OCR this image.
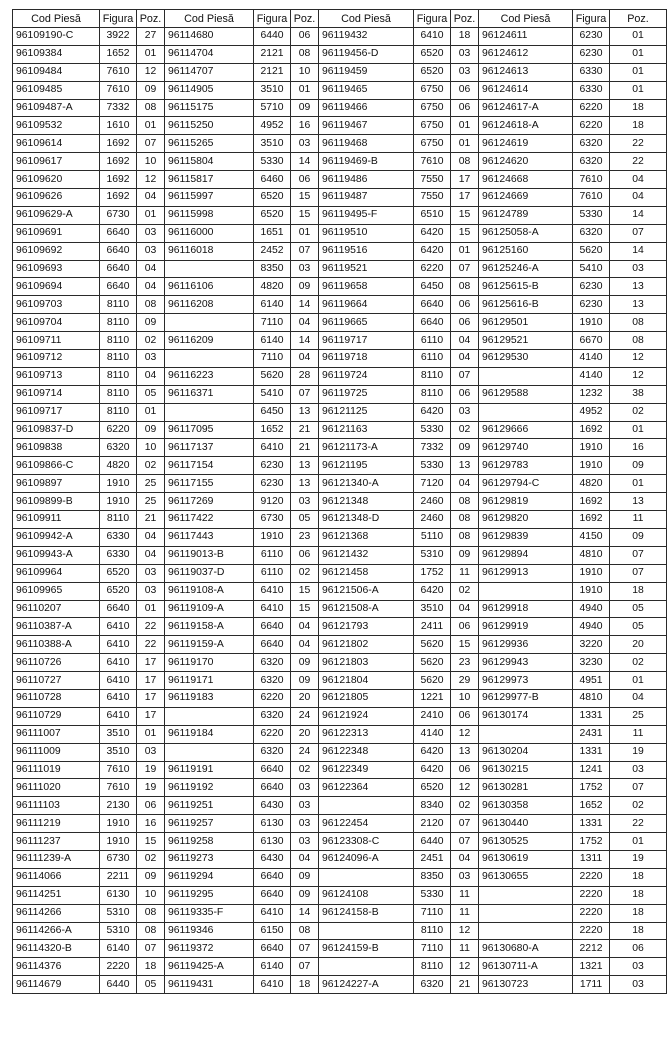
Cod Piesă	Figura	Poz.	Cod Piesă	Figura	Poz.	Cod Piesă	Figura	Poz.	Cod Piesă	Figura	Poz.
96109190-C	3922	27	96114680	6440	06	96119432	6410	18	96124611	6230	01
96109384	1652	01	96114704	2121	08	96119456-D	6520	03	96124612	6230	01
96109484	7610	12	96114707	2121	10	96119459	6520	03	96124613	6330	01
96109485	7610	09	96114905	3510	01	96119465	6750	06	96124614	6330	01
96109487-A	7332	08	96115175	5710	09	96119466	6750	06	96124617-A	6220	18
96109532	1610	01	96115250	4952	16	96119467	6750	01	96124618-A	6220	18
96109614	1692	07	96115265	3510	03	96119468	6750	01	96124619	6320	22
96109617	1692	10	96115804	5330	14	96119469-B	7610	08	96124620	6320	22
96109620	1692	12	96115817	6460	06	96119486	7550	17	96124668	7610	04
96109626	1692	04	96115997	6520	15	96119487	7550	17	96124669	7610	04
96109629-A	6730	01	96115998	6520	15	96119495-F	6510	15	96124789	5330	14
96109691	6640	03	96116000	1651	01	96119510	6420	15	96125058-A	6320	07
96109692	6640	03	96116018	2452	07	96119516	6420	01	96125160	5620	14
96109693	6640	04		8350	03	96119521	6220	07	96125246-A	5410	03
96109694	6640	04	96116106	4820	09	96119658	6450	08	96125615-B	6230	13
96109703	8110	08	96116208	6140	14	96119664	6640	06	96125616-B	6230	13
96109704	8110	09		7110	04	96119665	6640	06	96129501	1910	08
96109711	8110	02	96116209	6140	14	96119717	6110	04	96129521	6670	08
96109712	8110	03		7110	04	96119718	6110	04	96129530	4140	12
96109713	8110	04	96116223	5620	28	96119724	8110	07		4140	12
96109714	8110	05	96116371	5410	07	96119725	8110	06	96129588	1232	38
96109717	8110	01		6450	13	96121125	6420	03		4952	02
96109837-D	6220	09	96117095	1652	21	96121163	5330	02	96129666	1692	01
96109838	6320	10	96117137	6410	21	96121173-A	7332	09	96129740	1910	16
96109866-C	4820	02	96117154	6230	13	96121195	5330	13	96129783	1910	09
96109897	1910	25	96117155	6230	13	96121340-A	7120	04	96129794-C	4820	01
96109899-B	1910	25	96117269	9120	03	96121348	2460	08	96129819	1692	13
96109911	8110	21	96117422	6730	05	96121348-D	2460	08	96129820	1692	11
96109942-A	6330	04	96117443	1910	23	96121368	5110	08	96129839	4150	09
96109943-A	6330	04	96119013-B	6110	06	96121432	5310	09	96129894	4810	07
96109964	6520	03	96119037-D	6110	02	96121458	1752	11	96129913	1910	07
96109965	6520	03	96119108-A	6410	15	96121506-A	6420	02		1910	18
96110207	6640	01	96119109-A	6410	15	96121508-A	3510	04	96129918	4940	05
96110387-A	6410	22	96119158-A	6640	04	96121793	2411	06	96129919	4940	05
96110388-A	6410	22	96119159-A	6640	04	96121802	5620	15	96129936	3220	20
96110726	6410	17	96119170	6320	09	96121803	5620	23	96129943	3230	02
96110727	6410	17	96119171	6320	09	96121804	5620	29	96129973	4951	01
96110728	6410	17	96119183	6220	20	96121805	1221	10	96129977-B	4810	04
96110729	6410	17		6320	24	96121924	2410	06	96130174	1331	25
96111007	3510	01	96119184	6220	20	96122313	4140	12		2431	11
96111009	3510	03		6320	24	96122348	6420	13	96130204	1331	19
96111019	7610	19	96119191	6640	02	96122349	6420	06	96130215	1241	03
96111020	7610	19	96119192	6640	03	96122364	6520	12	96130281	1752	07
96111103	2130	06	96119251	6430	03		8340	02	96130358	1652	02
96111219	1910	16	96119257	6130	03	96122454	2120	07	96130440	1331	22
96111237	1910	15	96119258	6130	03	96123308-C	6440	07	96130525	1752	01
96111239-A	6730	02	96119273	6430	04	96124096-A	2451	04	96130619	1311	19
96114066	2211	09	96119294	6640	09		8350	03	96130655	2220	18
96114251	6130	10	96119295	6640	09	96124108	5330	11		2220	18
96114266	5310	08	96119335-F	6410	14	96124158-B	7110	11		2220	18
96114266-A	5310	08	96119346	6150	08		8110	12		2220	18
96114320-B	6140	07	96119372	6640	07	96124159-B	7110	11	96130680-A	2212	06
96114376	2220	18	96119425-A	6140	07		8110	12	96130711-A	1321	03
96114679	6440	05	96119431	6410	18	96124227-A	6320	21	96130723	1711	03
